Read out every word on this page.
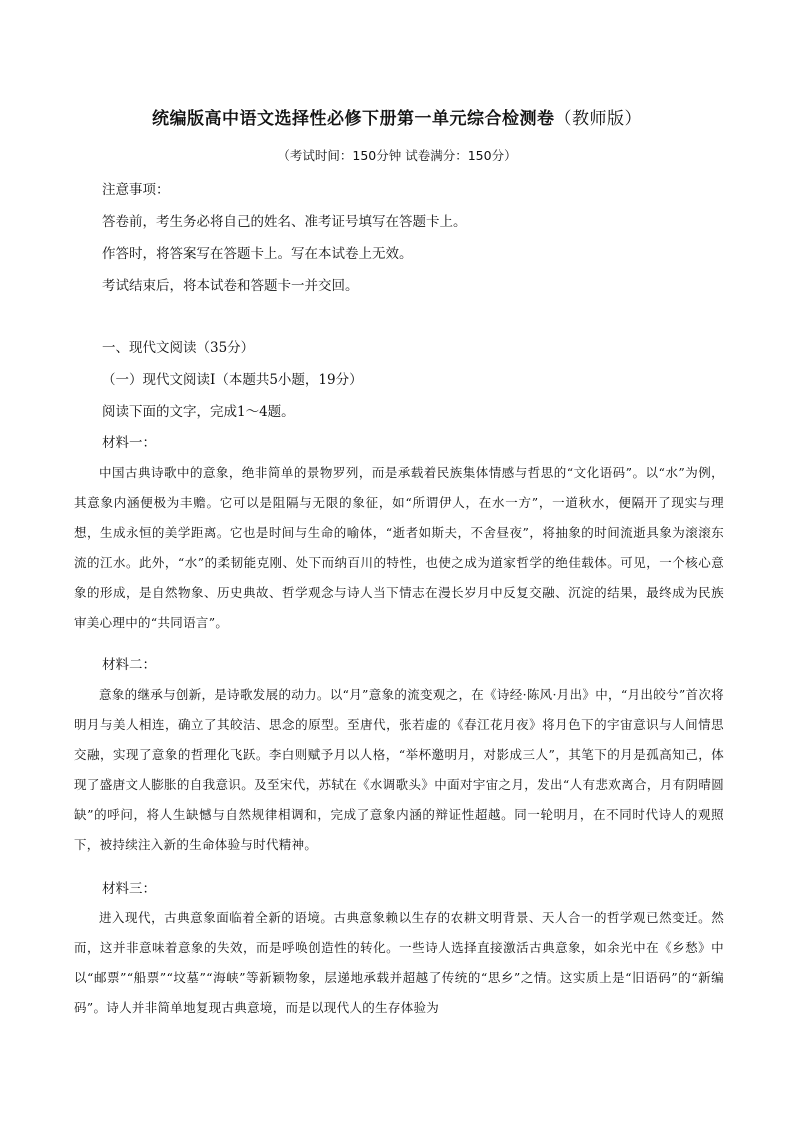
统编版高中语文选择性必修下册第一单元综合检测卷（教师版）
（考试时间：150分钟 试卷满分：150分）
注意事项：
答卷前，考生务必将自己的姓名、准考证号填写在答题卡上。
作答时，将答案写在答题卡上。写在本试卷上无效。
考试结束后，将本试卷和答题卡一并交回。
一、现代文阅读（35分）
（一）现代文阅读Ⅰ（本题共5小题，19分）
阅读下面的文字，完成1～4题。
材料一：

中国古典诗歌中的意象，绝非简单的景物罗列，而是承载着民族集体情感与哲思的“文化语码”。以“水”为例，其意象内涵便极为丰赡。它可以是阻隔与无限的象征，如“所谓伊人，在水一方”，一道秋水，便隔开了现实与理想，生成永恒的美学距离。它也是时间与生命的喻体，“逝者如斯夫，不舍昼夜”，将抽象的时间流逝具象为滚滚东流的江水。此外，“水”的柔韧能克刚、处下而纳百川的特性，也使之成为道家哲学的绝佳载体。可见，一个核心意象的形成，是自然物象、历史典故、哲学观念与诗人当下情志在漫长岁月中反复交融、沉淀的结果，最终成为民族审美心理中的“共同语言”。

材料二：

意象的继承与创新，是诗歌发展的动力。以“月”意象的流变观之，在《诗经·陈风·月出》中，“月出皎兮”首次将明月与美人相连，确立了其皎洁、思念的原型。至唐代，张若虚的《春江花月夜》将月色下的宇宙意识与人间情思交融，实现了意象的哲理化飞跃。李白则赋予月以人格，“举杯邀明月，对影成三人”，其笔下的月是孤高知己，体现了盛唐文人膨胀的自我意识。及至宋代，苏轼在《水调歌头》中面对宇宙之月，发出“人有悲欢离合，月有阴晴圆缺”的呼问，将人生缺憾与自然规律相调和，完成了意象内涵的辩证性超越。同一轮明月，在不同时代诗人的观照下，被持续注入新的生命体验与时代精神。

材料三：

进入现代，古典意象面临着全新的语境。古典意象赖以生存的农耕文明背景、天人合一的哲学观已然变迁。然而，这并非意味着意象的失效，而是呼唤创造性的转化。一些诗人选择直接激活古典意象，如余光中在《乡愁》中以“邮票”“船票”“坟墓”“海峡”等新颖物象，层递地承载并超越了传统的“思乡”之情。这实质上是“旧语码”的“新编码”。诗人并非简单地复现古典意境，而是以现代人的生存体验为
